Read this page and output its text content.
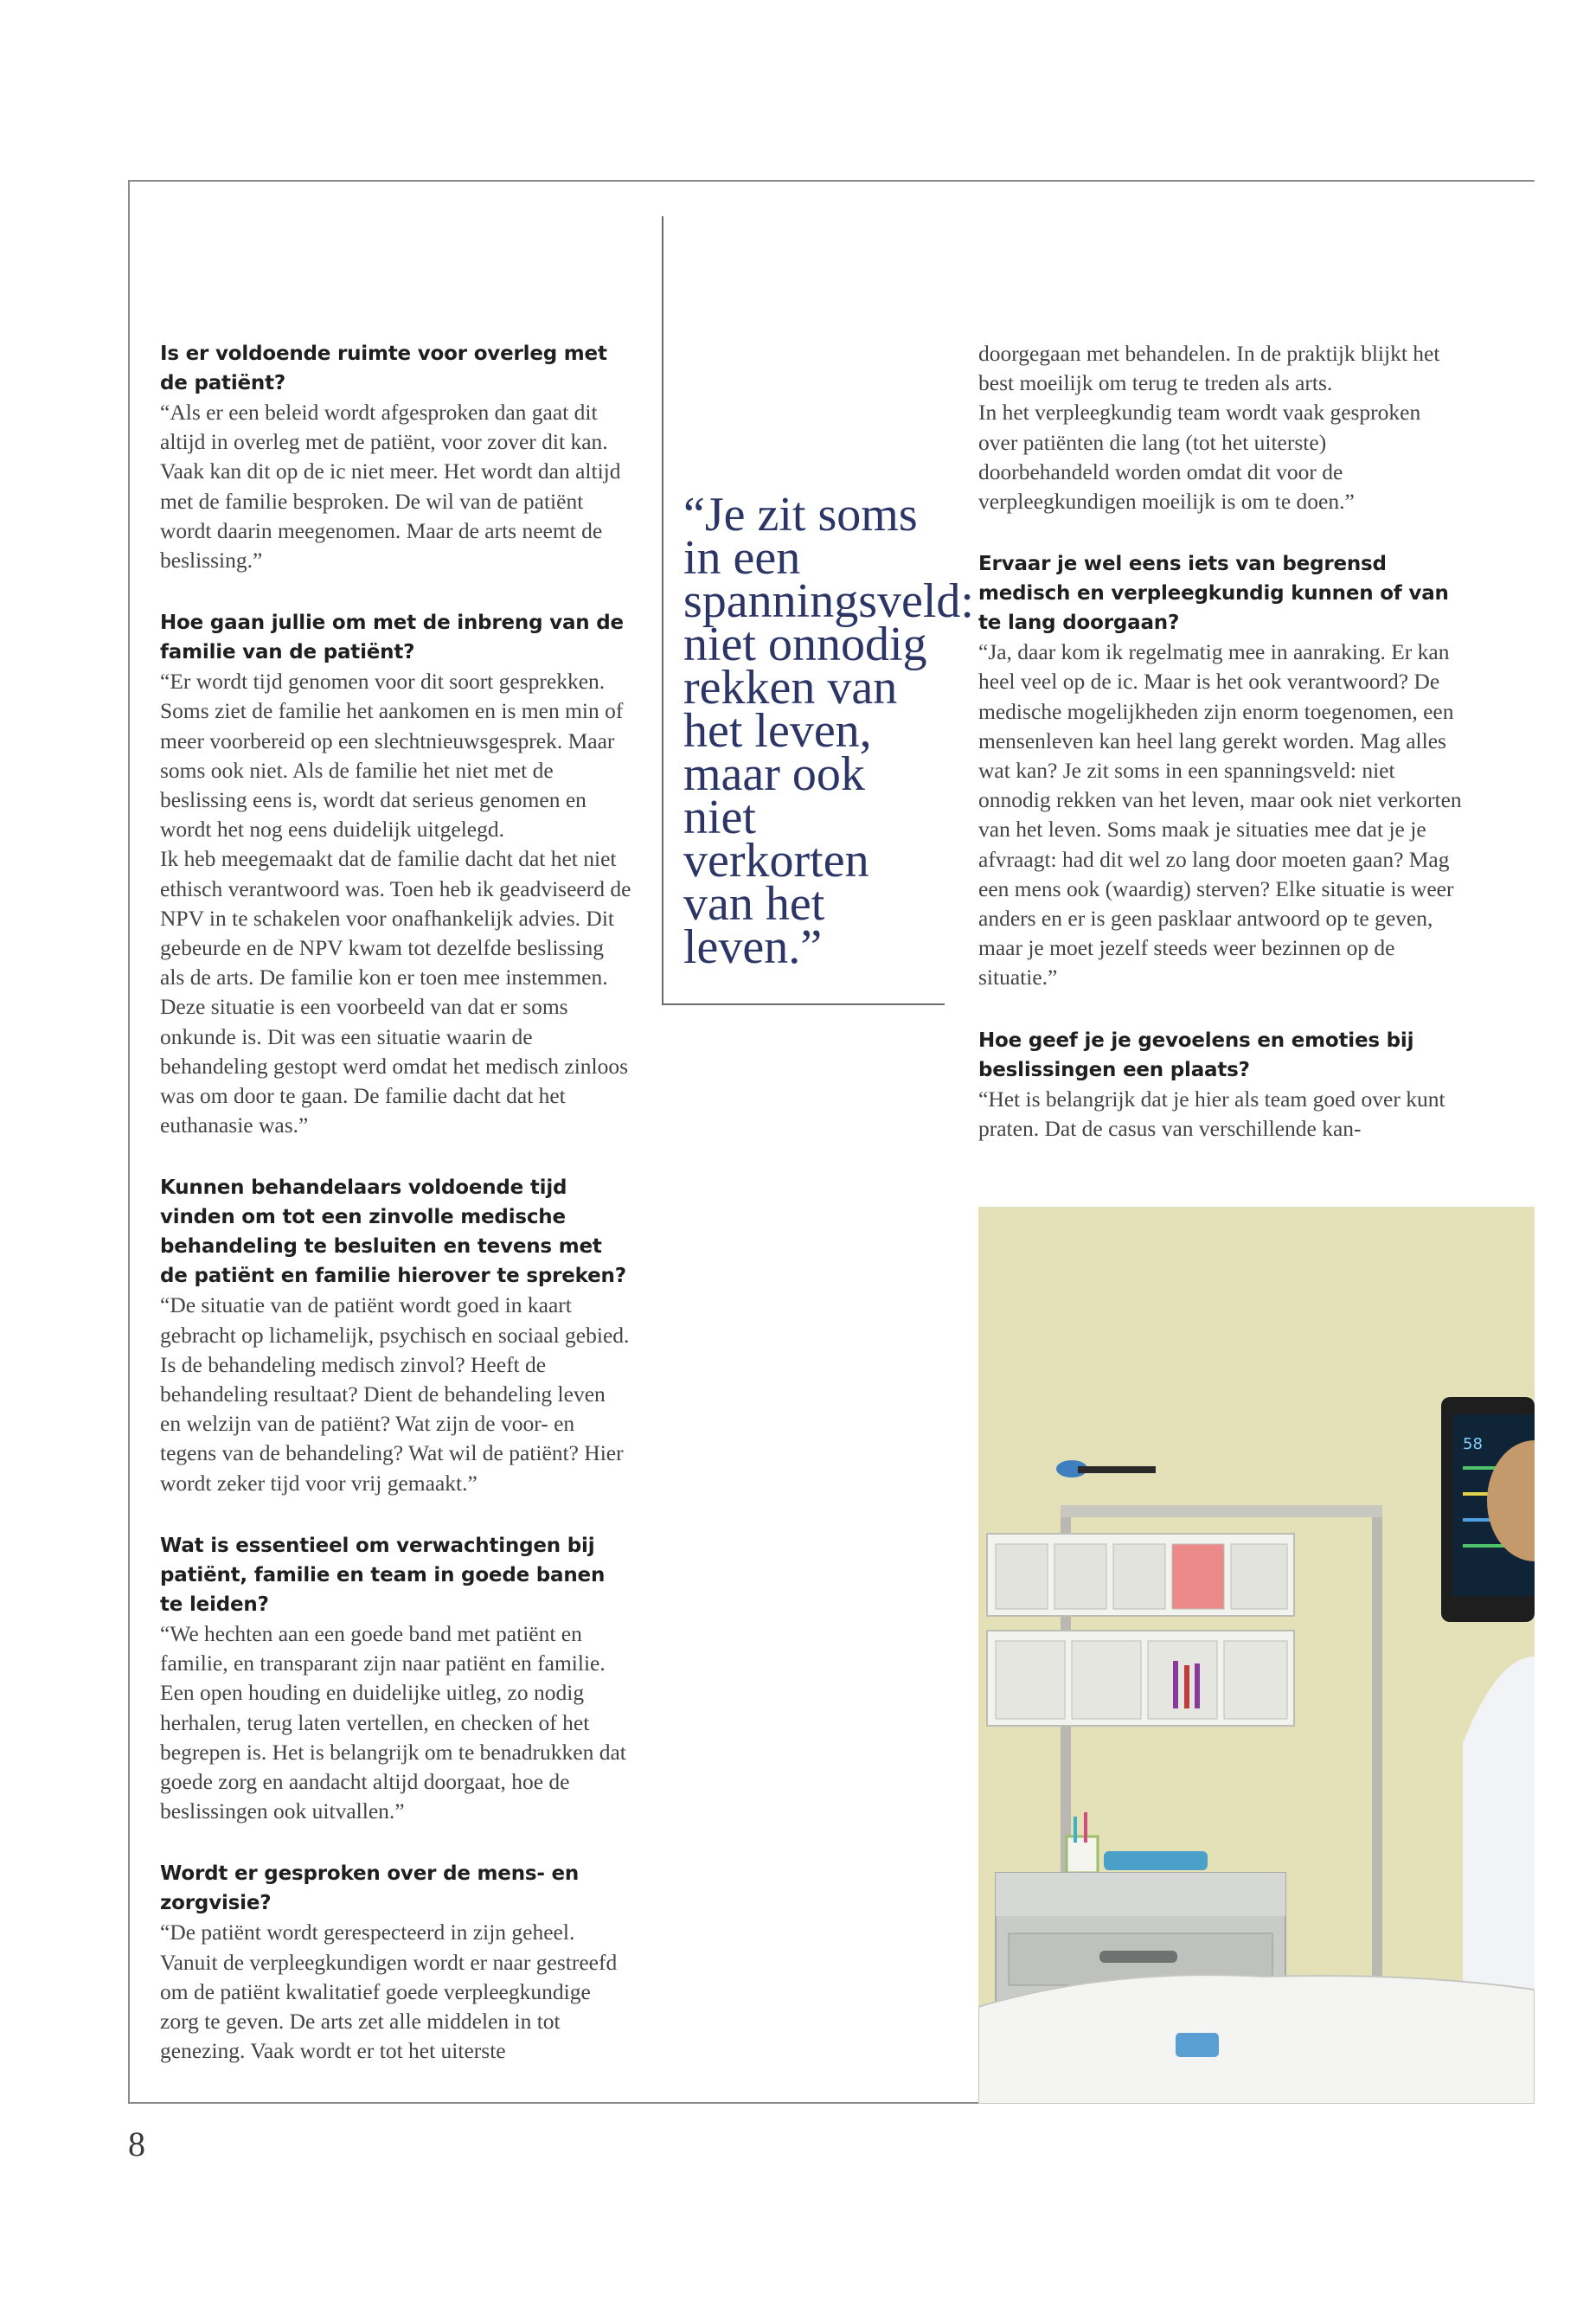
Is er voldoende ruimte voor overleg met de patiënt?

“Als er een beleid wordt afgesproken dan gaat dit altijd in overleg met de patiënt, voor zover dit kan. Vaak kan dit op de ic niet meer. Het wordt dan altijd met de familie besproken. De wil van de patiënt wordt daarin meegenomen. Maar de arts neemt de beslissing.”

Hoe gaan jullie om met de inbreng van de familie van de patiënt?

“Er wordt tijd genomen voor dit soort gesprekken. Soms ziet de familie het aankomen en is men min of meer voorbereid op een slechtnieuwsgesprek. Maar soms ook niet. Als de familie het niet met de beslissing eens is, wordt dat serieus genomen en wordt het nog eens duidelijk uitgelegd.

Ik heb meegemaakt dat de familie dacht dat het niet ethisch verantwoord was. Toen heb ik geadviseerd de NPV in te schakelen voor onafhankelijk advies. Dit gebeurde en de NPV kwam tot dezelfde beslissing als de arts. De familie kon er toen mee instemmen. Deze situatie is een voorbeeld van dat er soms onkunde is. Dit was een situatie waarin de behandeling gestopt werd omdat het medisch zinloos was om door te gaan. De familie dacht dat het euthanasie was.”

Kunnen behandelaars voldoende tijd vinden om tot een zinvolle medische behandeling te besluiten en tevens met de patiënt en familie hierover te spreken?

“De situatie van de patiënt wordt goed in kaart gebracht op lichamelijk, psychisch en sociaal gebied. Is de behandeling medisch zinvol? Heeft de behandeling resultaat? Dient de behandeling leven en welzijn van de patiënt? Wat zijn de voor- en tegens van de behandeling? Wat wil de patiënt? Hier wordt zeker tijd voor vrij gemaakt.”

Wat is essentieel om verwachtingen bij patiënt, familie en team in goede banen te leiden?

“We hechten aan een goede band met patiënt en familie, en transparant zijn naar patiënt en familie. Een open houding en duidelijke uitleg, zo nodig herhalen, terug laten vertellen, en checken of het begrepen is. Het is belangrijk om te benadrukken dat goede zorg en aandacht altijd doorgaat, hoe de beslissingen ook uitvallen.”

Wordt er gesproken over de mens- en zorgvisie?

“De patiënt wordt gerespecteerd in zijn geheel. Vanuit de verpleegkundigen wordt er naar gestreefd om de patiënt kwalitatief goede verpleegkundige zorg te geven. De arts zet alle middelen in tot genezing. Vaak wordt er tot het uiterste

“Je zit soms in een spanningsveld: niet onnodig rekken van het leven, maar ook niet verkorten van het leven.”

doorgegaan met behandelen. In de praktijk blijkt het best moeilijk om terug te treden als arts.

In het verpleegkundig team wordt vaak gesproken over patiënten die lang (tot het uiterste) doorbehandeld worden omdat dit voor de verpleegkundigen moeilijk is om te doen.”

Ervaar je wel eens iets van begrensd medisch en verpleegkundig kunnen of van te lang doorgaan?

“Ja, daar kom ik regelmatig mee in aanraking. Er kan heel veel op de ic. Maar is het ook verantwoord? De medische mogelijkheden zijn enorm toegenomen, een mensenleven kan heel lang gerekt worden. Mag alles wat kan? Je zit soms in een spanningsveld: niet onnodig rekken van het leven, maar ook niet verkorten van het leven. Soms maak je situaties mee dat je je afvraagt: had dit wel zo lang door moeten gaan? Mag een mens ook (waardig) sterven? Elke situatie is weer anders en er is geen pasklaar antwoord op te geven, maar je moet jezelf steeds weer bezinnen op de situatie.”

Hoe geef je je gevoelens en emoties bij beslissingen een plaats?

“Het is belangrijk dat je hier als team goed over kunt praten. Dat de casus van verschillende kan-

58

8
